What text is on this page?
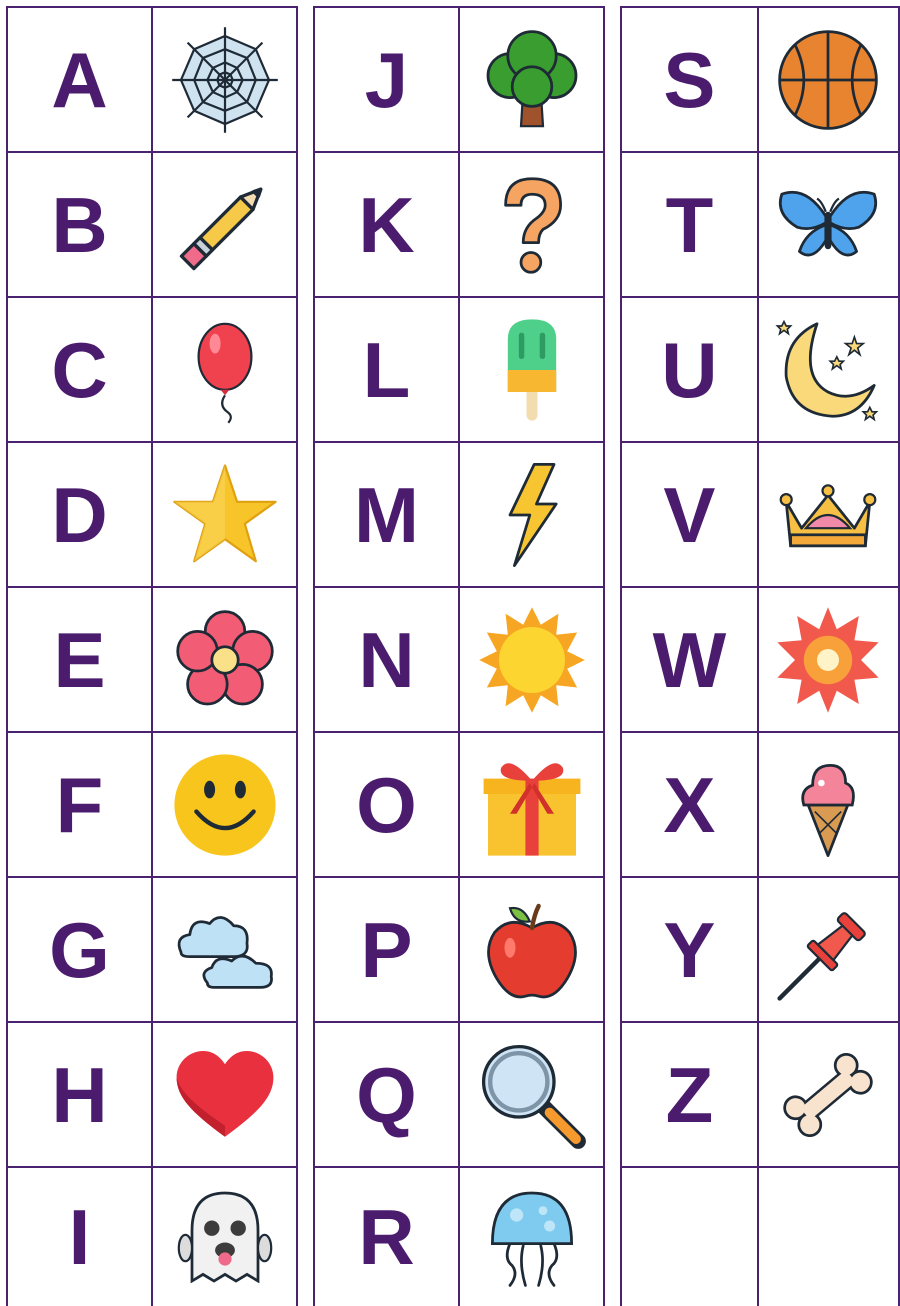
A	

B	

C	

D	

E	

F	

G	

H	

I	
J	

K	

L	

M	

N	

O	

P	

Q	

R	
S	

T	

U	

V	

W	

X	

Y	

Z	
